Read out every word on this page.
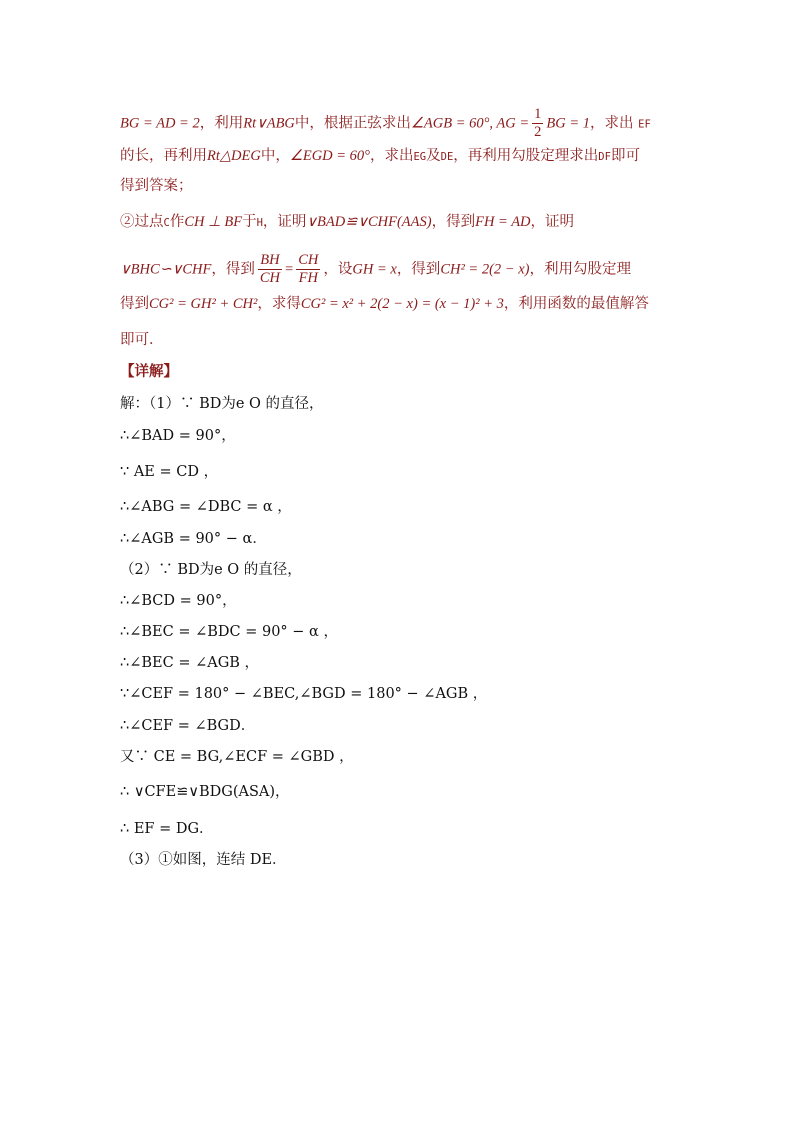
BG = AD = 2，利用Rt∨ABG中，根据正弦求出∠AGB = 60°, AG = $\frac{1}{2}$ BG = 1，求出 EF
的长，再利用Rt△DEG中，∠EGD = 60°，求出EG及DE，再利用勾股定理求出DF即可
得到答案；
②过点C作CH ⊥ BF于H，证明∨BAD≌∨CHF(AAS)，得到FH = AD，证明
∨BHC∽∨CHF，得到 $\frac{BH}{CH} = \frac{CH}{FH}$ ，设GH = x，得到CH² = 2(2 − x)，利用勾股定理
得到CG² = GH² + CH²，求得CG² = x² + 2(2 − x) = (x − 1)² + 3，利用函数的最值解答
即可．
【详解】
解：（1）∵ BD为e O 的直径，
∴∠BAD = 90°，
∵ AE = CD ，
∴∠ABG = ∠DBC = α ，
∴∠AGB = 90° − α．
（2）∵ BD为e O 的直径，
∴∠BCD = 90°，
∴∠BEC = ∠BDC = 90° − α ，
∴∠BEC = ∠AGB ，
∵∠CEF = 180° − ∠BEC,∠BGD = 180° − ∠AGB ，
∴∠CEF = ∠BGD．
又∵ CE = BG,∠ECF = ∠GBD ，
∴ ∨CFE≌∨BDG(ASA)，
∴ EF = DG．
（3）①如图，连结 DE．
